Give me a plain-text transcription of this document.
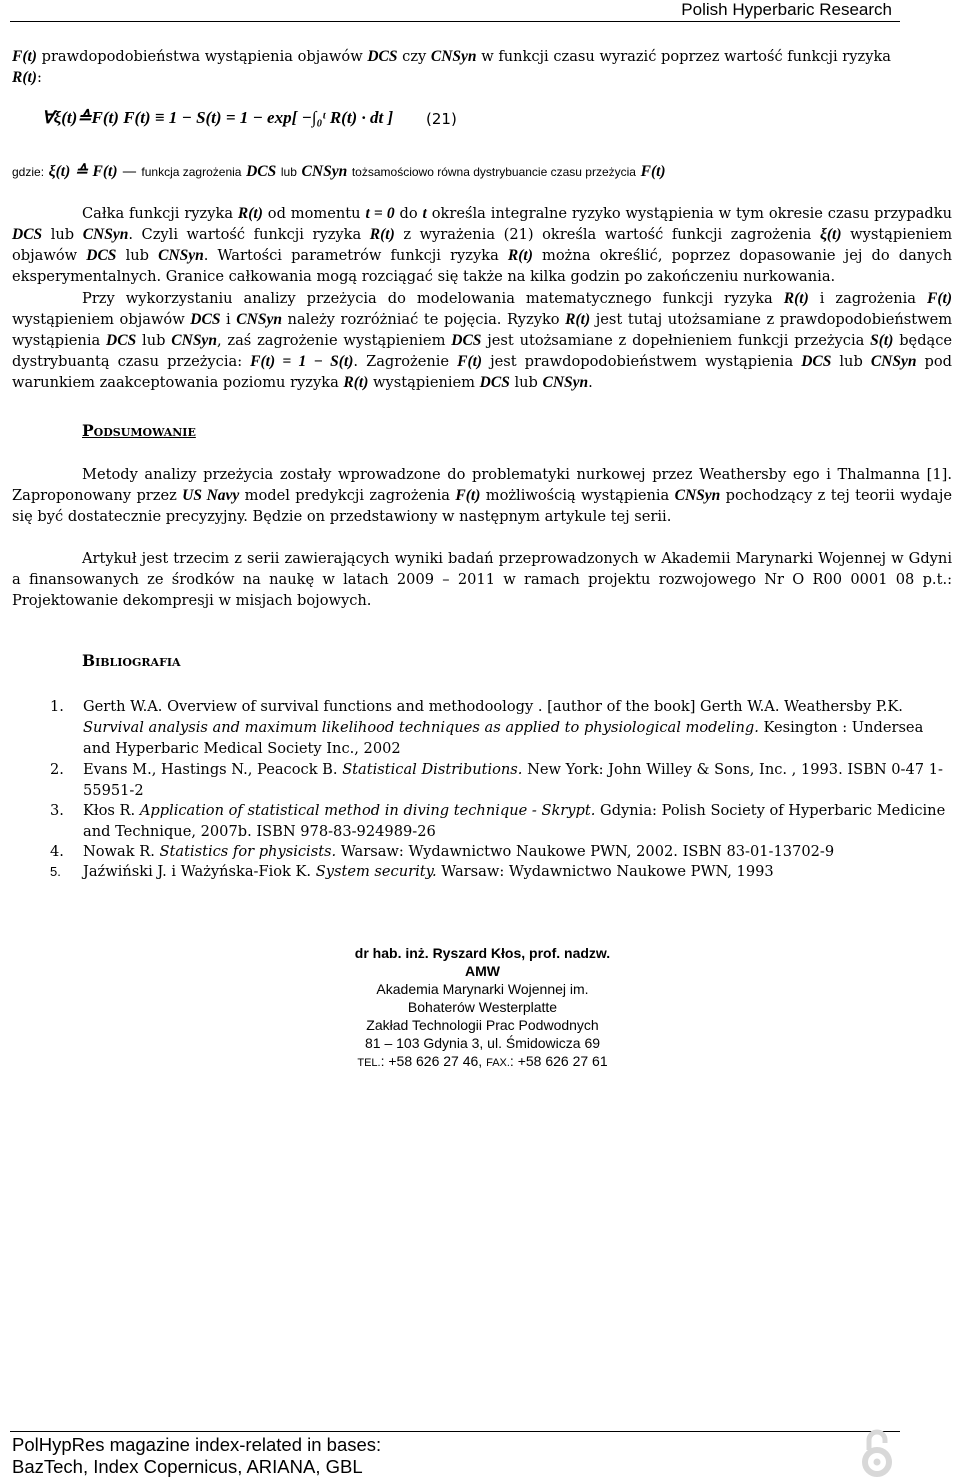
Polish Hyperbaric Research
F(t) prawdopodobieństwa wystąpienia objawów DCS czy CNSyn w funkcji czasu wyrazić poprzez wartość funkcji ryzyka
R(t):
∀ξ(t)≙F(t) F(t) ≡ 1 − S(t) = 1 − exp[ −∫₀ᵗ R(t) · dt ] (21)
gdzie: ξ(t) ≙ F(t) — funkcja zagrożenia DCS lub CNSyn tożsamościowo równa dystrybuancie czasu przeżycia F(t)
Całka funkcji ryzyka R(t) od momentu t = 0 do t określa integralne ryzyko wystąpienia w tym okresie czasu przypadku DCS lub CNSyn. Czyli wartość funkcji ryzyka R(t) z wyrażenia (21) określa wartość funkcji zagrożenia ξ(t) wystąpieniem objawów DCS lub CNSyn. Wartości parametrów funkcji ryzyka R(t) można określić, poprzez dopasowanie jej do danych eksperymentalnych. Granice całkowania mogą rozciągać się także na kilka godzin po zakończeniu nurkowania.
Przy wykorzystaniu analizy przeżycia do modelowania matematycznego funkcji ryzyka R(t) i zagrożenia F(t) wystąpieniem objawów DCS i CNSyn należy rozróżniać te pojęcia. Ryzyko R(t) jest tutaj utożsamiane z prawdopodobieństwem wystąpienia DCS lub CNSyn, zaś zagrożenie wystąpieniem DCS jest utożsamiane z dopełnieniem funkcji przeżycia S(t) będące dystrybuantą czasu przeżycia: F(t) = 1 − S(t). Zagrożenie F(t) jest prawdopodobieństwem wystąpienia DCS lub CNSyn pod warunkiem zaakceptowania poziomu ryzyka R(t) wystąpieniem DCS lub CNSyn.
Podsumowanie
Metody analizy przeżycia zostały wprowadzone do problematyki nurkowej przez Weathersby ego i Thalmanna [1]. Zaproponowany przez US Navy model predykcji zagrożenia F(t) możliwością wystąpienia CNSyn pochodzący z tej teorii wydaje się być dostatecznie precyzyjny. Będzie on przedstawiony w następnym artykule tej serii.
Artykuł jest trzecim z serii zawierających wyniki badań przeprowadzonych w Akademii Marynarki Wojennej w Gdyni a finansowanych ze środków na naukę w latach 2009 – 2011 w ramach projektu rozwojowego Nr O R00 0001 08 p.t.: Projektowanie dekompresji w misjach bojowych.
Bibliografia
1. Gerth W.A. Overview of survival functions and methodoology . [author of the book] Gerth W.A. Weathersby P.K. Survival analysis and maximum likelihood techniques as applied to physiological modeling. Kesington : Undersea and Hyperbaric Medical Society Inc., 2002
2. Evans M., Hastings N., Peacock B. Statistical Distributions. New York: John Willey & Sons, Inc. , 1993. ISBN 0-47 1-55951-2
3. Kłos R. Application of statistical method in diving technique - Skrypt. Gdynia: Polish Society of Hyperbaric Medicine and Technique, 2007b. ISBN 978-83-924989-26
4. Nowak R. Statistics for physicists. Warsaw: Wydawnictwo Naukowe PWN, 2002. ISBN 83-01-13702-9
5. Jaźwiński J. i Ważyńska-Fiok K. System security. Warsaw: Wydawnictwo Naukowe PWN, 1993
dr hab. inż. Ryszard Kłos, prof. nadzw.
AMW
Akademia Marynarki Wojennej im.
Bohaterów Westerplatte
Zakład Technologii Prac Podwodnych
81 – 103 Gdynia 3, ul. Śmidowicza 69
TEL.: +58 626 27 46, FAX.: +58 626 27 61
PolHypRes magazine index-related in bases:
BazTech, Index Copernicus, ARIANA, GBL
